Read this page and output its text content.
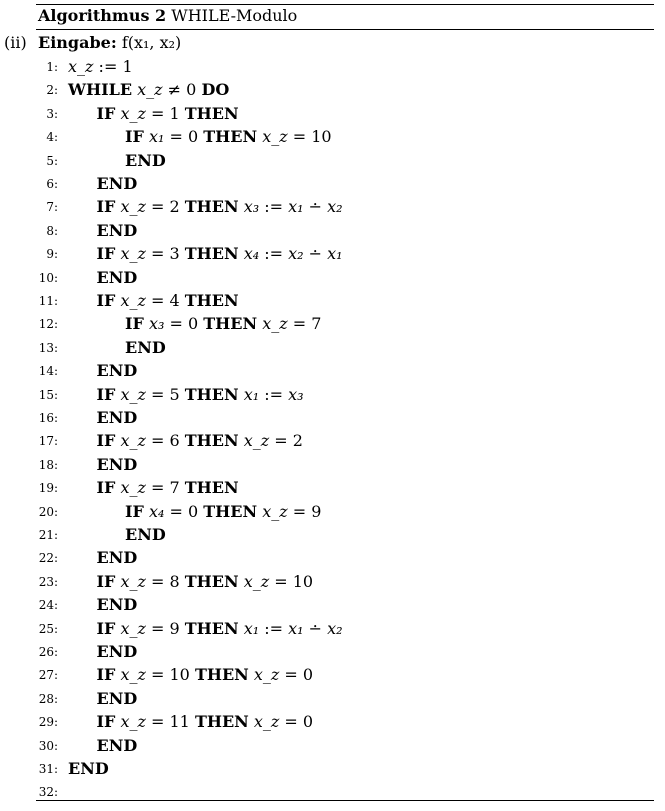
Algorithmus 2 WHILE-Modulo
(ii) Eingabe: f(x₁, x₂)
1: x_z := 1
2: WHILE x_z ≠ 0 DO
3: IF x_z = 1 THEN
4:	IF x₁ = 0 THEN x_z = 10
5:	END
6: END
7: IF x_z = 2 THEN x₃ := x₁ ∸ x₂
8: END
9: IF x_z = 3 THEN x₄ := x₂ ∸ x₁
10: END
11: IF x_z = 4 THEN
12:	IF x₃ = 0 THEN x_z = 7
13:	END
14: END
15: IF x_z = 5 THEN x₁ := x₃
16: END
17: IF x_z = 6 THEN x_z = 2
18: END
19: IF x_z = 7 THEN
20:	IF x₄ = 0 THEN x_z = 9
21:	END
22: END
23: IF x_z = 8 THEN x_z = 10
24: END
25: IF x_z = 9 THEN x₁ := x₁ ∸ x₂
26: END
27: IF x_z = 10 THEN x_z = 0
28: END
29: IF x_z = 11 THEN x_z = 0
30: END
31: END
32:
